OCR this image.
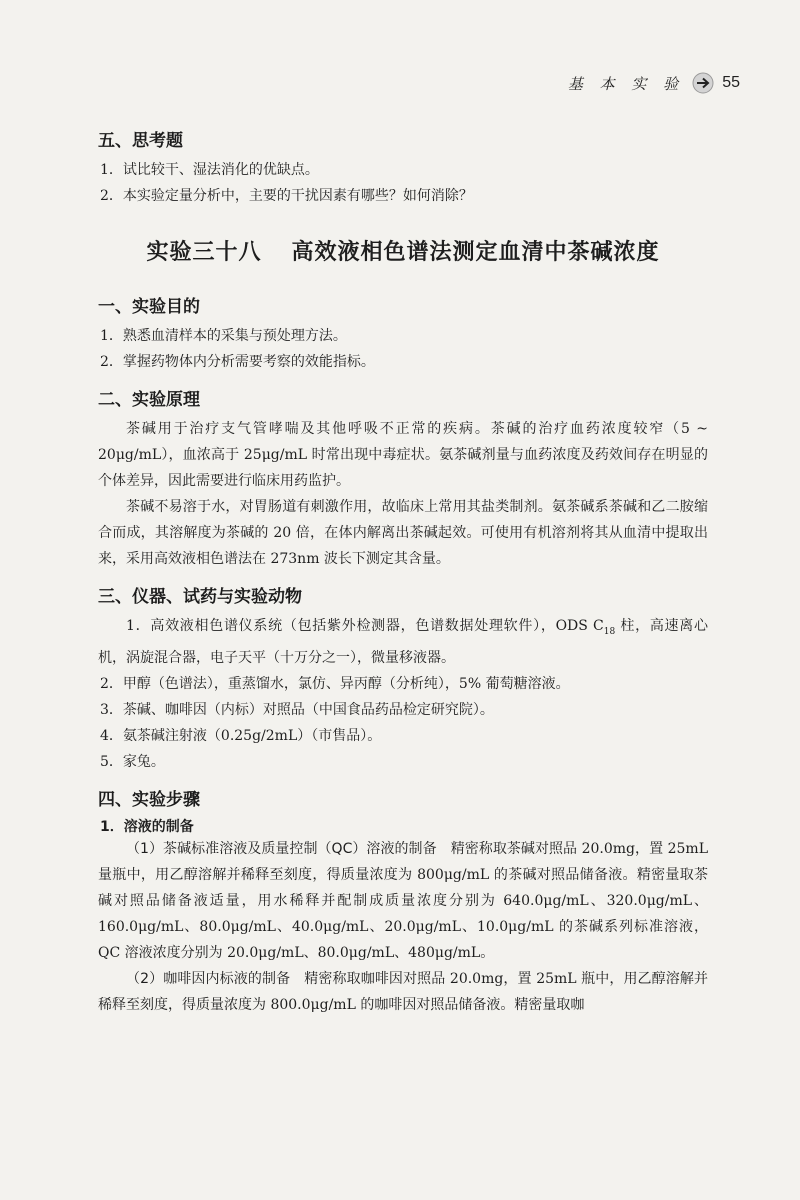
基 本 实 验 55

五、思考题

1．试比较干、湿法消化的优缺点。

2．本实验定量分析中，主要的干扰因素有哪些？如何消除？

实验三十八 高效液相色谱法测定血清中茶碱浓度

一、实验目的

1．熟悉血清样本的采集与预处理方法。

2．掌握药物体内分析需要考察的效能指标。

二、实验原理

茶碱用于治疗支气管哮喘及其他呼吸不正常的疾病。茶碱的治疗血药浓度较窄（5 ~ 20μg/mL），血浓高于 25μg/mL 时常出现中毒症状。氨茶碱剂量与血药浓度及药效间存在明显的个体差异，因此需要进行临床用药监护。

茶碱不易溶于水，对胃肠道有刺激作用，故临床上常用其盐类制剂。氨茶碱系茶碱和乙二胺缩合而成，其溶解度为茶碱的 20 倍，在体内解离出茶碱起效。可使用有机溶剂将其从血清中提取出来，采用高效液相色谱法在 273nm 波长下测定其含量。

三、仪器、试药与实验动物

1．高效液相色谱仪系统（包括紫外检测器，色谱数据处理软件），ODS $C_{18}$ 柱，高速离心机，涡旋混合器，电子天平（十万分之一），微量移液器。

2．甲醇（色谱法），重蒸馏水，氯仿、异丙醇（分析纯），5% 葡萄糖溶液。

3．茶碱、咖啡因（内标）对照品（中国食品药品检定研究院）。

4．氨茶碱注射液（0.25g/2mL）（市售品）。

5．家兔。

四、实验步骤

1．溶液的制备

（1）茶碱标准溶液及质量控制（QC）溶液的制备　精密称取茶碱对照品 20.0mg，置 25mL 量瓶中，用乙醇溶解并稀释至刻度，得质量浓度为 800μg/mL 的茶碱对照品储备液。精密量取茶碱对照品储备液适量，用水稀释并配制成质量浓度分别为 640.0μg/mL、320.0μg/mL、160.0μg/mL、80.0μg/mL、40.0μg/mL、20.0μg/mL、10.0μg/mL 的茶碱系列标准溶液，QC 溶液浓度分别为 20.0μg/mL、80.0μg/mL、480μg/mL。

（2）咖啡因内标液的制备　精密称取咖啡因对照品 20.0mg，置 25mL 瓶中，用乙醇溶解并稀释至刻度，得质量浓度为 800.0μg/mL 的咖啡因对照品储备液。精密量取咖
